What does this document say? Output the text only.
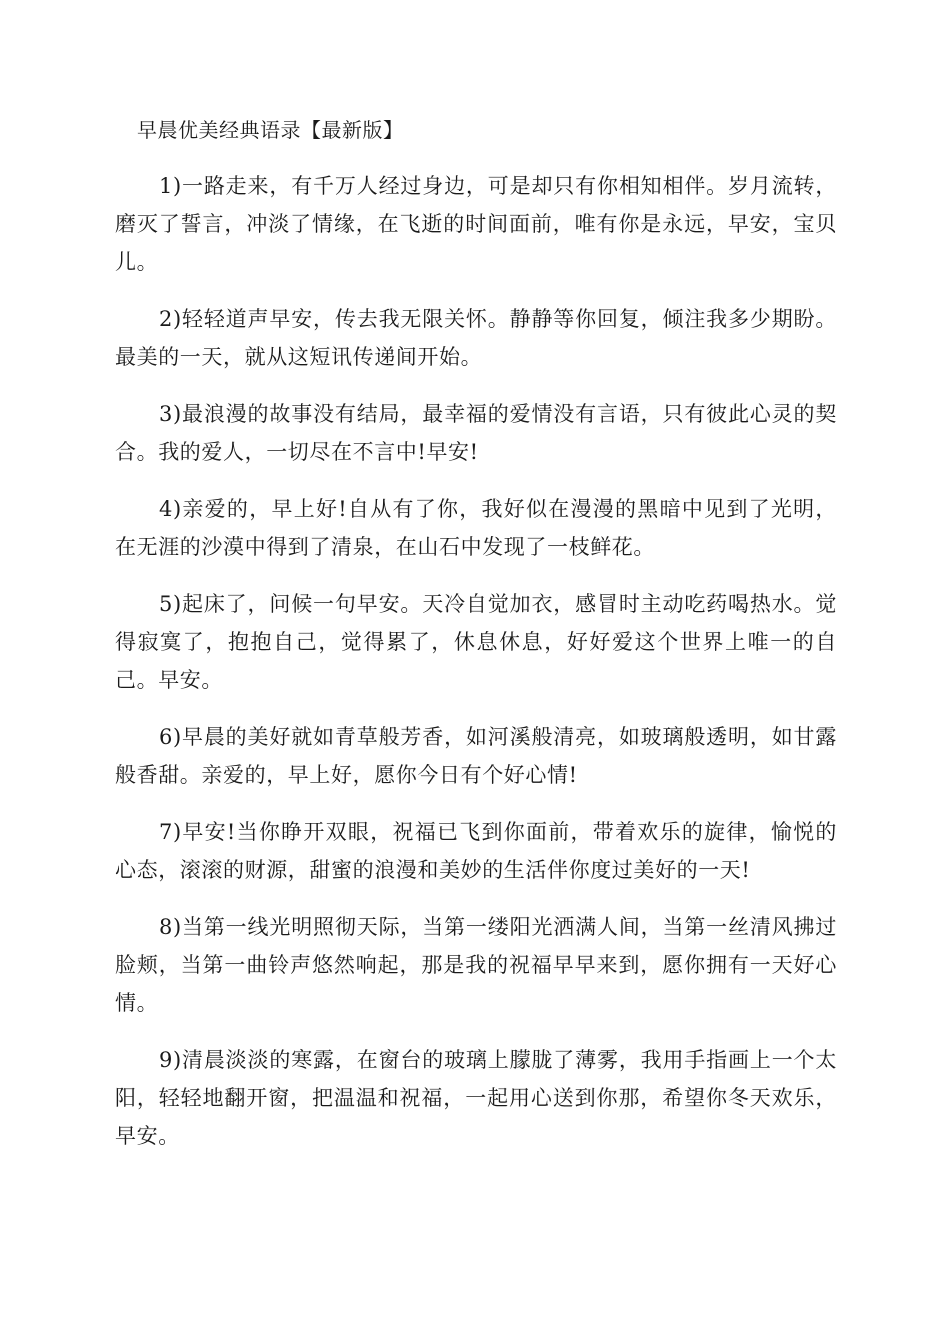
早晨优美经典语录【最新版】

1)一路走来，有千万人经过身边，可是却只有你相知相伴。岁月流转，磨灭了誓言，冲淡了情缘，在飞逝的时间面前，唯有你是永远，早安，宝贝儿。

2)轻轻道声早安，传去我无限关怀。静静等你回复，倾注我多少期盼。最美的一天，就从这短讯传递间开始。

3)最浪漫的故事没有结局，最幸福的爱情没有言语，只有彼此心灵的契合。我的爱人，一切尽在不言中!早安!

4)亲爱的，早上好!自从有了你，我好似在漫漫的黑暗中见到了光明，在无涯的沙漠中得到了清泉，在山石中发现了一枝鲜花。

5)起床了，问候一句早安。天冷自觉加衣，感冒时主动吃药喝热水。觉得寂寞了，抱抱自己，觉得累了，休息休息，好好爱这个世界上唯一的自己。早安。

6)早晨的美好就如青草般芳香，如河溪般清亮，如玻璃般透明，如甘露般香甜。亲爱的，早上好，愿你今日有个好心情!

7)早安!当你睁开双眼，祝福已飞到你面前，带着欢乐的旋律，愉悦的心态，滚滚的财源，甜蜜的浪漫和美妙的生活伴你度过美好的一天!

8)当第一线光明照彻天际，当第一缕阳光洒满人间，当第一丝清风拂过脸颊，当第一曲铃声悠然响起，那是我的祝福早早来到，愿你拥有一天好心情。

9)清晨淡淡的寒露，在窗台的玻璃上朦胧了薄雾，我用手指画上一个太阳，轻轻地翻开窗，把温温和祝福，一起用心送到你那，希望你冬天欢乐，早安。
